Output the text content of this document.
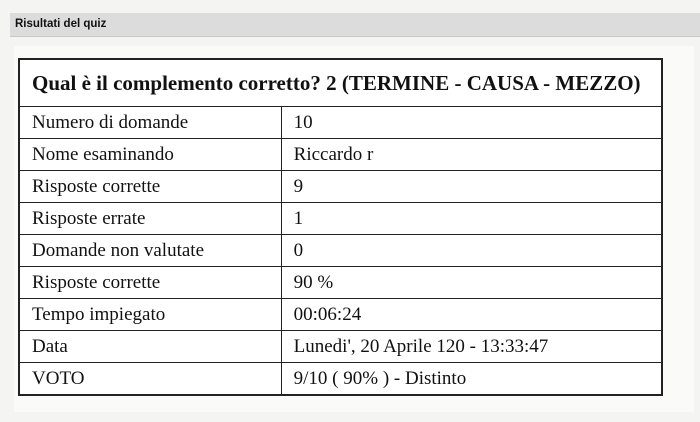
Risultati del quiz
Qual è il complemento corretto? 2 (TERMINE - CAUSA - MEZZO)	
Numero di domande	10
Nome esaminando	Riccardo r
Risposte corrette	9
Risposte errate	1
Domande non valutate	0
Risposte corrette	90 %
Tempo impiegato	00:06:24
Data	Lunedi', 20 Aprile 120 - 13:33:47
VOTO	9/10 ( 90% ) - Distinto
